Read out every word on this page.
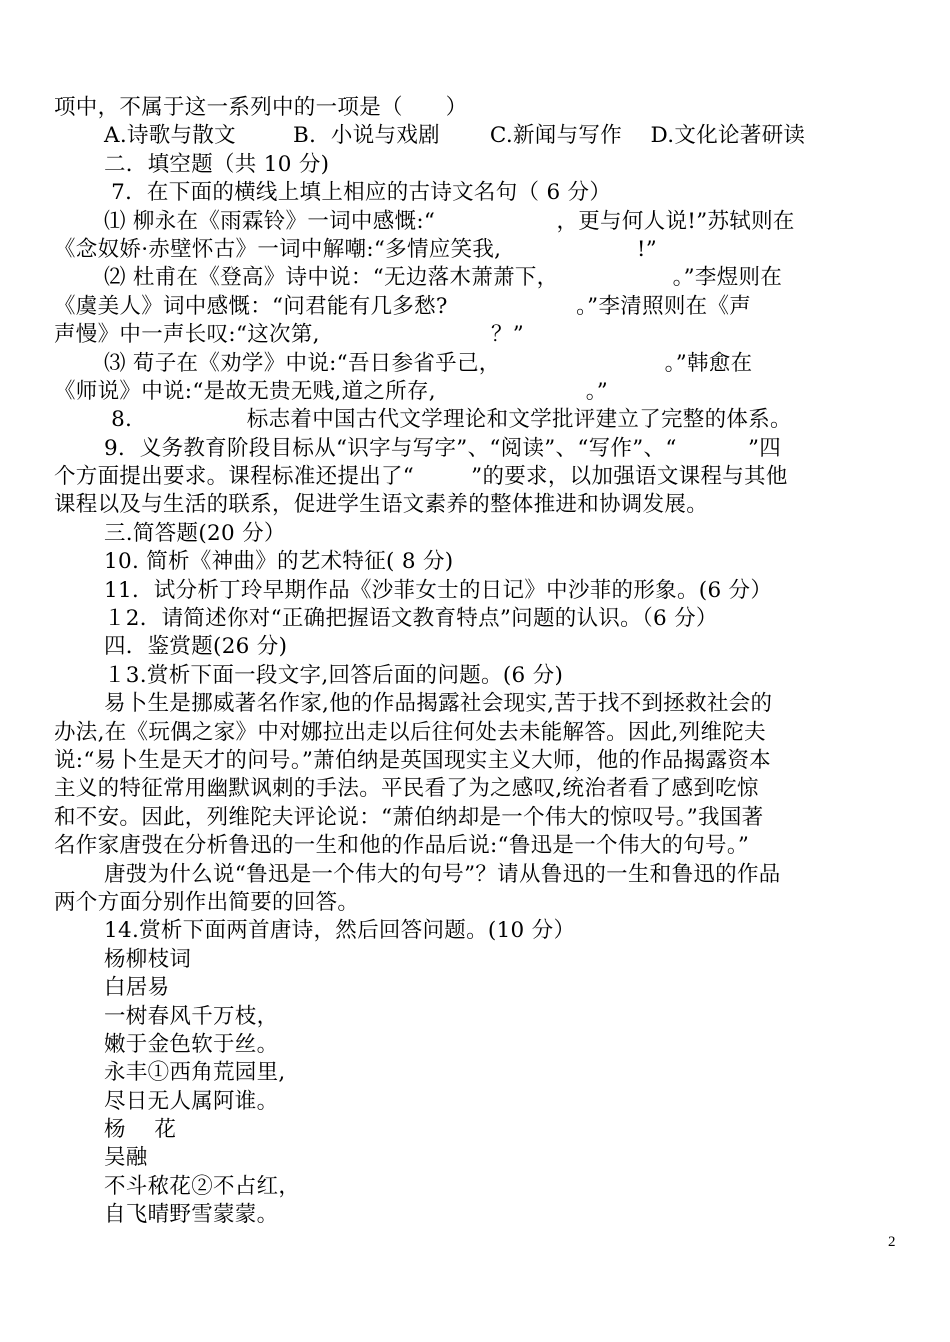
项中，不属于这一系列中的一项是（      ）
A.诗歌与散文        B．小说与戏剧       C.新闻与写作    D.文化论著研读
二．填空题（共 10 分)
7．在下面的横线上填上相应的古诗文名句（ 6 分）
⑴ 柳永在《雨霖铃》一词中感慨:“                 ，更与何人说!”苏轼则在
《念奴娇·赤壁怀古》一词中解嘲:“多情应笑我,                   !”
⑵ 杜甫在《登高》诗中说：“无边落木萧萧下，                。”李煜则在
《虞美人》词中感慨：“问君能有几多愁?                  。”李清照则在《声
声慢》中一声长叹:“这次第,                        ？”
⑶ 荀子在《劝学》中说:“吾日参省乎己，                       。”韩愈在
《师说》中说:“是故无贵无贱,道之所存,                     。”
8．              标志着中国古代文学理论和文学批评建立了完整的体系。
9．义务教育阶段目标从“识字与写字”、“阅读”、“写作”、“          ”四
个方面提出要求。课程标准还提出了“        ”的要求，以加强语文课程与其他
课程以及与生活的联系，促进学生语文素养的整体推进和协调发展。
三.简答题(20 分）
10. 简析《神曲》的艺术特征( 8 分)
11．试分析丁玲早期作品《沙菲女士的日记》中沙菲的形象。(6 分）
１2．请简述你对“正确把握语文教育特点”问题的认识。（6 分）
四．鉴赏题(26 分)
１3.赏析下面一段文字,回答后面的问题。(6 分)
易卜生是挪威著名作家,他的作品揭露社会现实,苦于找不到拯救社会的
办法,在《玩偶之家》中对娜拉出走以后往何处去未能解答。因此,列维陀夫
说:“易卜生是天才的问号。”萧伯纳是英国现实主义大师，他的作品揭露资本
主义的特征常用幽默讽刺的手法。平民看了为之感叹,统治者看了感到吃惊
和不安。因此，列维陀夫评论说：“萧伯纳却是一个伟大的惊叹号。”我国著
名作家唐弢在分析鲁迅的一生和他的作品后说:“鲁迅是一个伟大的句号。”
唐弢为什么说“鲁迅是一个伟大的句号”？请从鲁迅的一生和鲁迅的作品
两个方面分别作出简要的回答。
14.赏析下面两首唐诗，然后回答问题。(10 分）
杨柳枝词
白居易
一树春风千万枝，
嫩于金色软于丝。
永丰①西角荒园里,
尽日无人属阿谁。
杨    花
吴融
不斗秾花②不占红，
自飞晴野雪蒙蒙。
2
